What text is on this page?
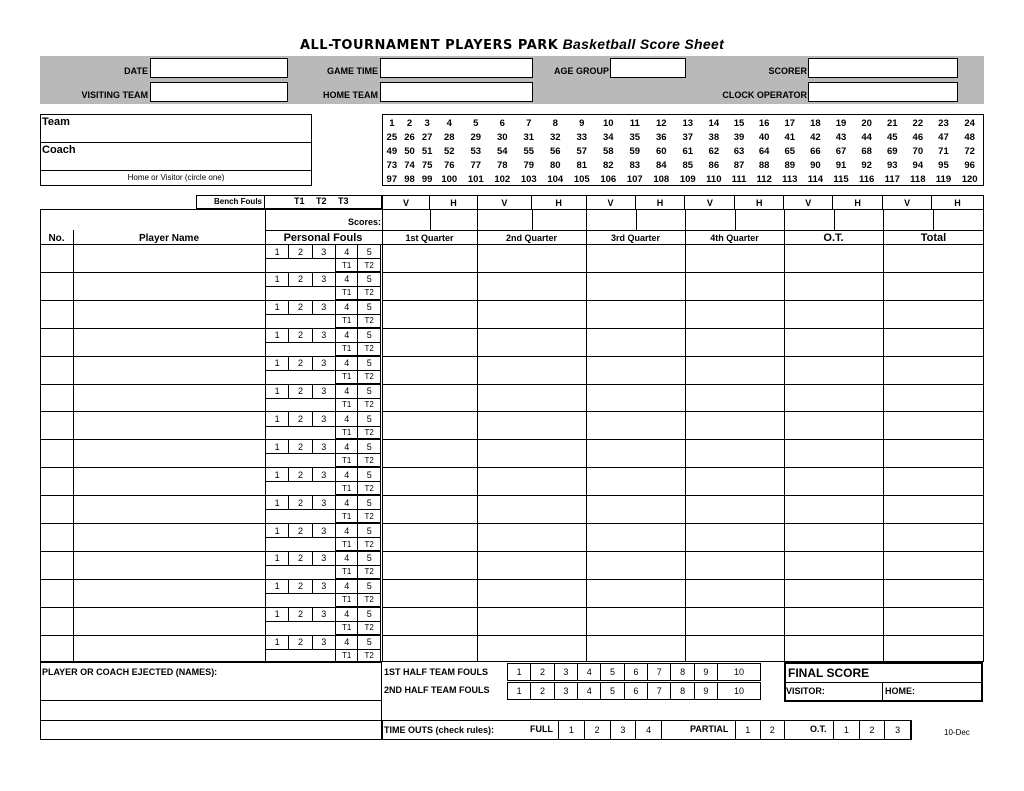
ALL-TOURNAMENT PLAYERS PARK Basketball Score Sheet
DATE	GAME TIME	AGE GROUP	SCORER
VISITING TEAM	HOME TEAM	CLOCK OPERATOR
Team
Coach
Home or Visitor (circle one)
1	2	3	4	5	6	7	8	9	10	11	12	13	14	15	16	17	18	19	20	21	22	23	24
25	26	27	28	29	30	31	32	33	34	35	36	37	38	39	40	41	42	43	44	45	46	47	48
49	50	51	52	53	54	55	56	57	58	59	60	61	62	63	64	65	66	67	68	69	70	71	72
73	74	75	76	77	78	79	80	81	82	83	84	85	86	87	88	89	90	91	92	93	94	95	96
97	98	99	100	101	102	103	104	105	106	107	108	109	110	111	112	113	114	115	116	117	118	119	120
Bench Fouls	T1 T2 T3	V	H	V	H	V	H	V	H	V	H	V	H
Scores:
No.	Player Name	Personal Fouls	1st Quarter	2nd Quarter	3rd Quarter	4th Quarter	O.T.	Total
1	2	3	4	5
			T1	T2
1	2	3	4	5
			T1	T2
1	2	3	4	5
			T1	T2
1	2	3	4	5
			T1	T2
1	2	3	4	5
			T1	T2
1	2	3	4	5
			T1	T2
1	2	3	4	5
			T1	T2
1	2	3	4	5
			T1	T2
1	2	3	4	5
			T1	T2
1	2	3	4	5
			T1	T2
1	2	3	4	5
			T1	T2
1	2	3	4	5
			T1	T2
1	2	3	4	5
			T1	T2
1	2	3	4	5
			T1	T2
1	2	3	4	5
			T1	T2
PLAYER OR COACH EJECTED (NAMES):	1ST HALF TEAM FOULS
2ND HALF TEAM FOULS
1	2	3	4	5	6	7	8	9	10
1	2	3	4	5	6	7	8	9	10
FINAL SCORE
VISITOR:	HOME:
TIME OUTS (check rules):	FULL 1	2	3	4	PARTIAL 1	2	O.T. 1	2	3	10-Dec
